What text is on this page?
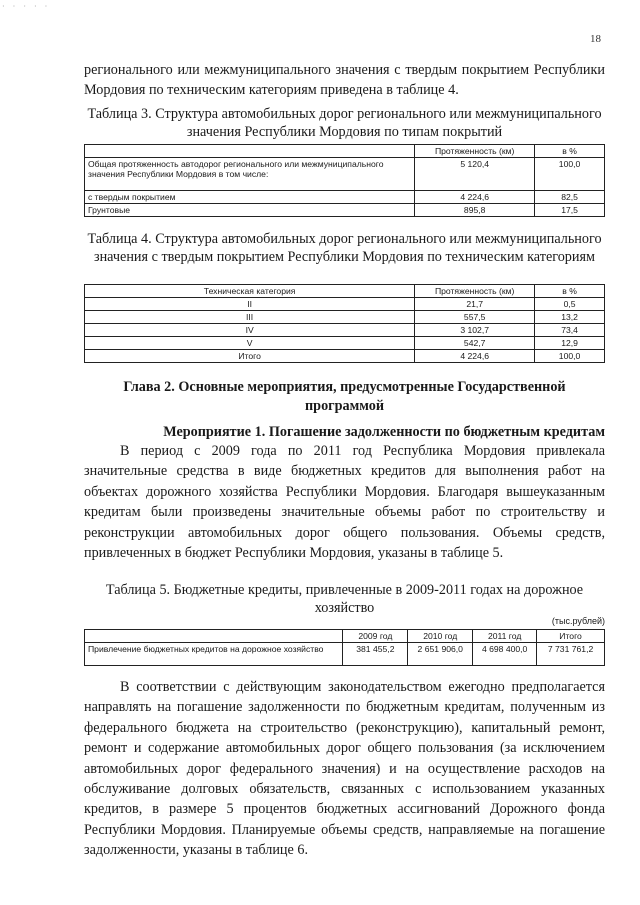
· · · · ·
18
регионального или межмуниципального значения с твердым покрытием Республики Мордовия по техническим категориям приведена в таблице 4.
Таблица 3. Структура автомобильных дорог регионального или межмуниципального значения Республики Мордовия по типам покрытий
	Протяженность (км)	в %
Общая протяженность автодорог регионального или межмуниципального значения Республики Мордовия в том числе:	5 120,4	100,0
с твердым покрытием	4 224,6	82,5
Грунтовые	895,8	17,5
Таблица 4. Структура автомобильных дорог регионального или межмуниципального значения с твердым покрытием Республики Мордовия по техническим категориям
Техническая категория	Протяженность (км)	в %
II	21,7	0,5
III	557,5	13,2
IV	3 102,7	73,4
V	542,7	12,9
Итого	4 224,6	100,0
Глава 2. Основные мероприятия, предусмотренные Государственной программой
Мероприятие 1. Погашение задолженности по бюджетным кредитам
В период с 2009 года по 2011 год Республика Мордовия привлекала значительные средства в виде бюджетных кредитов для выполнения работ на объектах дорожного хозяйства Республики Мордовия. Благодаря вышеуказанным кредитам были произведены значительные объемы работ по строительству и реконструкции автомобильных дорог общего пользования. Объемы средств, привлеченных в бюджет Республики Мордовия, указаны в таблице 5.
Таблица 5. Бюджетные кредиты, привлеченные в 2009-2011 годах на дорожное хозяйство
(тыс.рублей)
	2009 год	2010 год	2011 год	Итого
Привлечение бюджетных кредитов на дорожное хозяйство	381 455,2	2 651 906,0	4 698 400,0	7 731 761,2
В соответствии с действующим законодательством ежегодно предполагается направлять на погашение задолженности по бюджетным кредитам, полученным из федерального бюджета на строительство (реконструкцию), капитальный ремонт, ремонт и содержание автомобильных дорог общего пользования (за исключением автомобильных дорог федерального значения) и на осуществление расходов на обслуживание долговых обязательств, связанных с использованием указанных кредитов, в размере 5 процентов бюджетных ассигнований Дорожного фонда Республики Мордовия. Планируемые объемы средств, направляемые на погашение задолженности, указаны в таблице 6.
